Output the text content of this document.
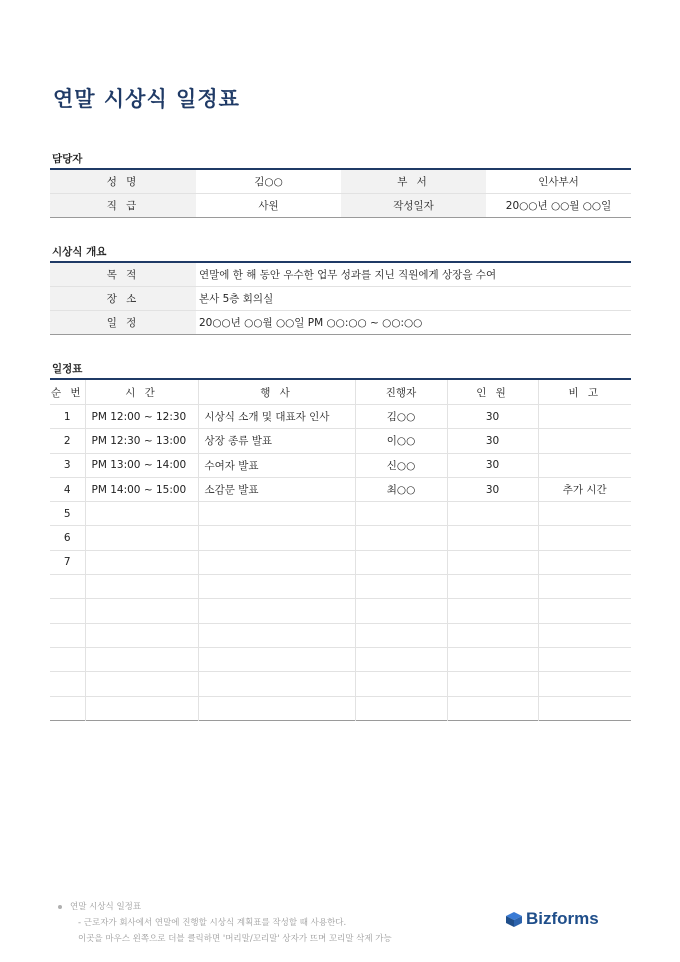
연말 시상식 일정표
담당자
성 명	김○○	부 서	인사부서
직 급	사원	작성일자	20○○년 ○○월 ○○일
시상식 개요
목 적	연말에 한 해 동안 우수한 업무 성과를 지닌 직원에게 상장을 수여
장 소	본사 5층 회의실
일 정	20○○년 ○○월 ○○일 PM ○○:○○ ~ ○○:○○
일정표
순 번	시 간	행 사	진행자	인 원	비 고
1	PM 12:00 ~ 12:30	시상식 소개 및 대표자 인사	김○○	30	
2	PM 12:30 ~ 13:00	상장 종류 발표	이○○	30	
3	PM 13:00 ~ 14:00	수여자 발표	신○○	30	
4	PM 14:00 ~ 15:00	소감문 발표	최○○	30	추가 시간
5					
6					
7					

연말 시상식 일정표
- 근로자가 회사에서 연말에 진행할 시상식 계획표를 작성할 때 사용한다.
이곳을 마우스 왼쪽으로 더블 클릭하면 '머리말/꼬리말' 상자가 뜨며 꼬리말 삭제 가능
Bizforms
